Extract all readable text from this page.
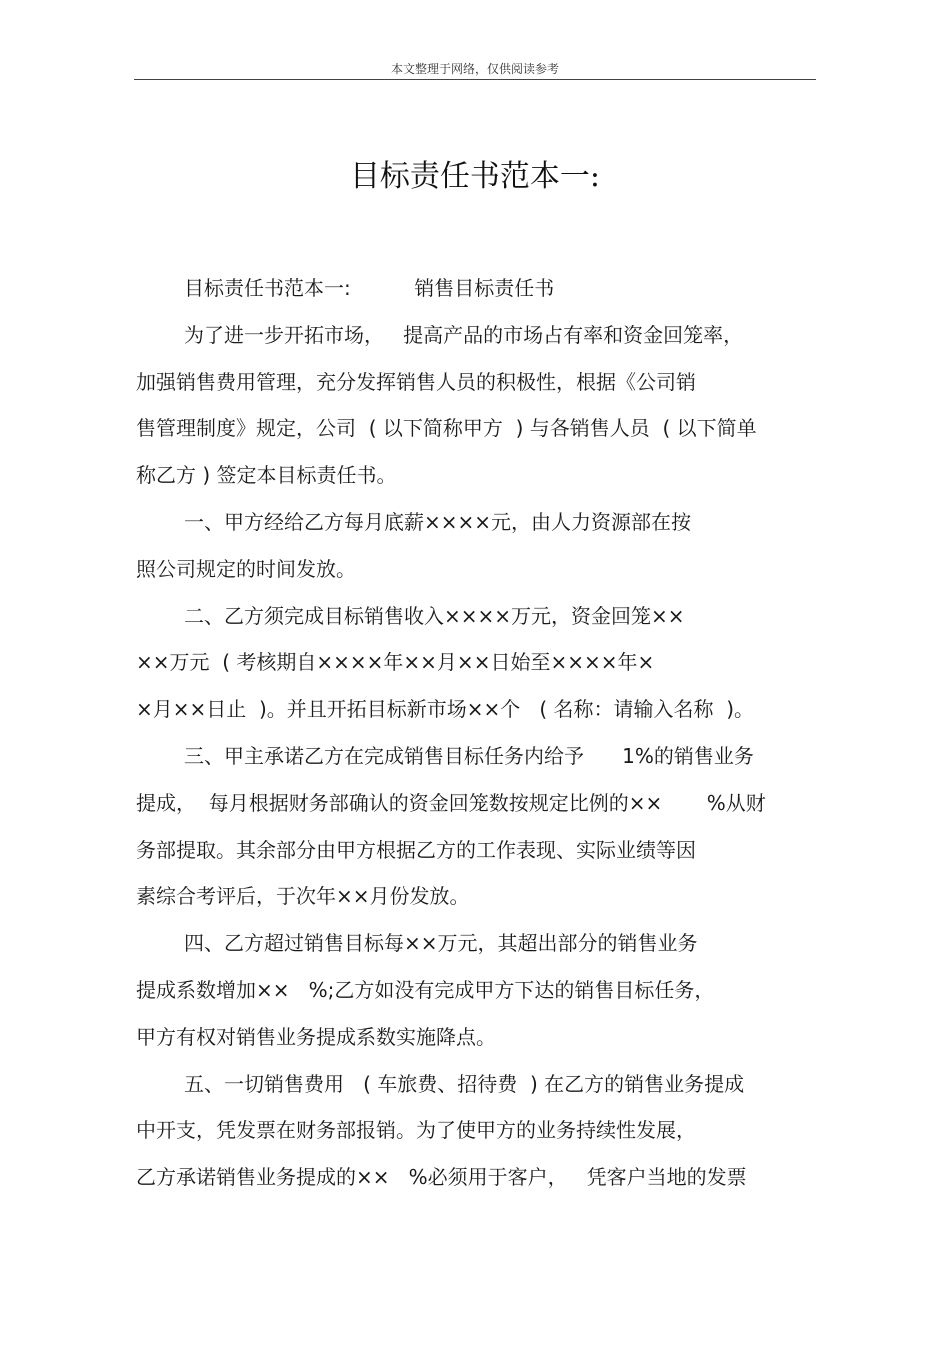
本文整理于网络，仅供阅读参考
目标责任书范本一:
目标责任书范本一:          销售目标责任书
为了进一步开拓市场，   提高产品的市场占有率和资金回笼率，
加强销售费用管理，充分发挥销售人员的积极性，根据《公司销
售管理制度》规定，公司  ( 以下简称甲方  ) 与各销售人员  ( 以下简单
称乙方 ) 签定本目标责任书。
一、甲方经给乙方每月底薪××××元，由人力资源部在按
照公司规定的时间发放。
二、乙方须完成目标销售收入××××万元，资金回笼××
××万元  ( 考核期自××××年××月××日始至××××年×
×月××日止  )。并且开拓目标新市场××个   ( 名称：请输入名称  )。
三、甲主承诺乙方在完成销售目标任务内给予      1%的销售业务
提成，  每月根据财务部确认的资金回笼数按规定比例的××       %从财
务部提取。其余部分由甲方根据乙方的工作表现、实际业绩等因
素综合考评后，于次年××月份发放。
四、乙方超过销售目标每××万元，其超出部分的销售业务
提成系数增加××   %;乙方如没有完成甲方下达的销售目标任务，
甲方有权对销售业务提成系数实施降点。
五、一切销售费用   ( 车旅费、招待费  ) 在乙方的销售业务提成
中开支，凭发票在财务部报销。为了使甲方的业务持续性发展，
乙方承诺销售业务提成的××   %必须用于客户，   凭客户当地的发票
